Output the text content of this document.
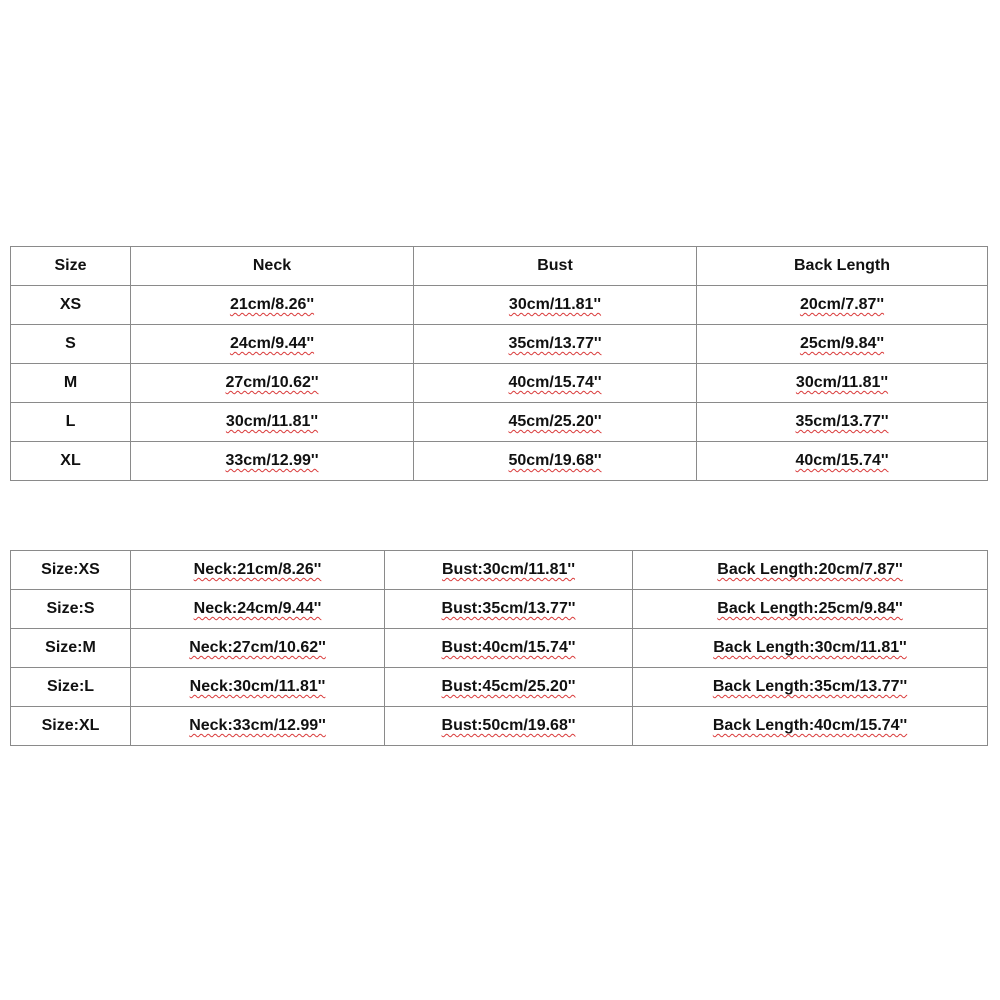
Size	Neck	Bust	Back Length
XS	21cm/8.26''	30cm/11.81''	20cm/7.87''
S	24cm/9.44''	35cm/13.77''	25cm/9.84''
M	27cm/10.62''	40cm/15.74''	30cm/11.81''
L	30cm/11.81''	45cm/25.20''	35cm/13.77''
XL	33cm/12.99''	50cm/19.68''	40cm/15.74''
Size:XS	Neck:21cm/8.26''	Bust:30cm/11.81''	Back Length:20cm/7.87''
Size:S	Neck:24cm/9.44''	Bust:35cm/13.77''	Back Length:25cm/9.84''
Size:M	Neck:27cm/10.62''	Bust:40cm/15.74''	Back Length:30cm/11.81''
Size:L	Neck:30cm/11.81''	Bust:45cm/25.20''	Back Length:35cm/13.77''
Size:XL	Neck:33cm/12.99''	Bust:50cm/19.68''	Back Length:40cm/15.74''
